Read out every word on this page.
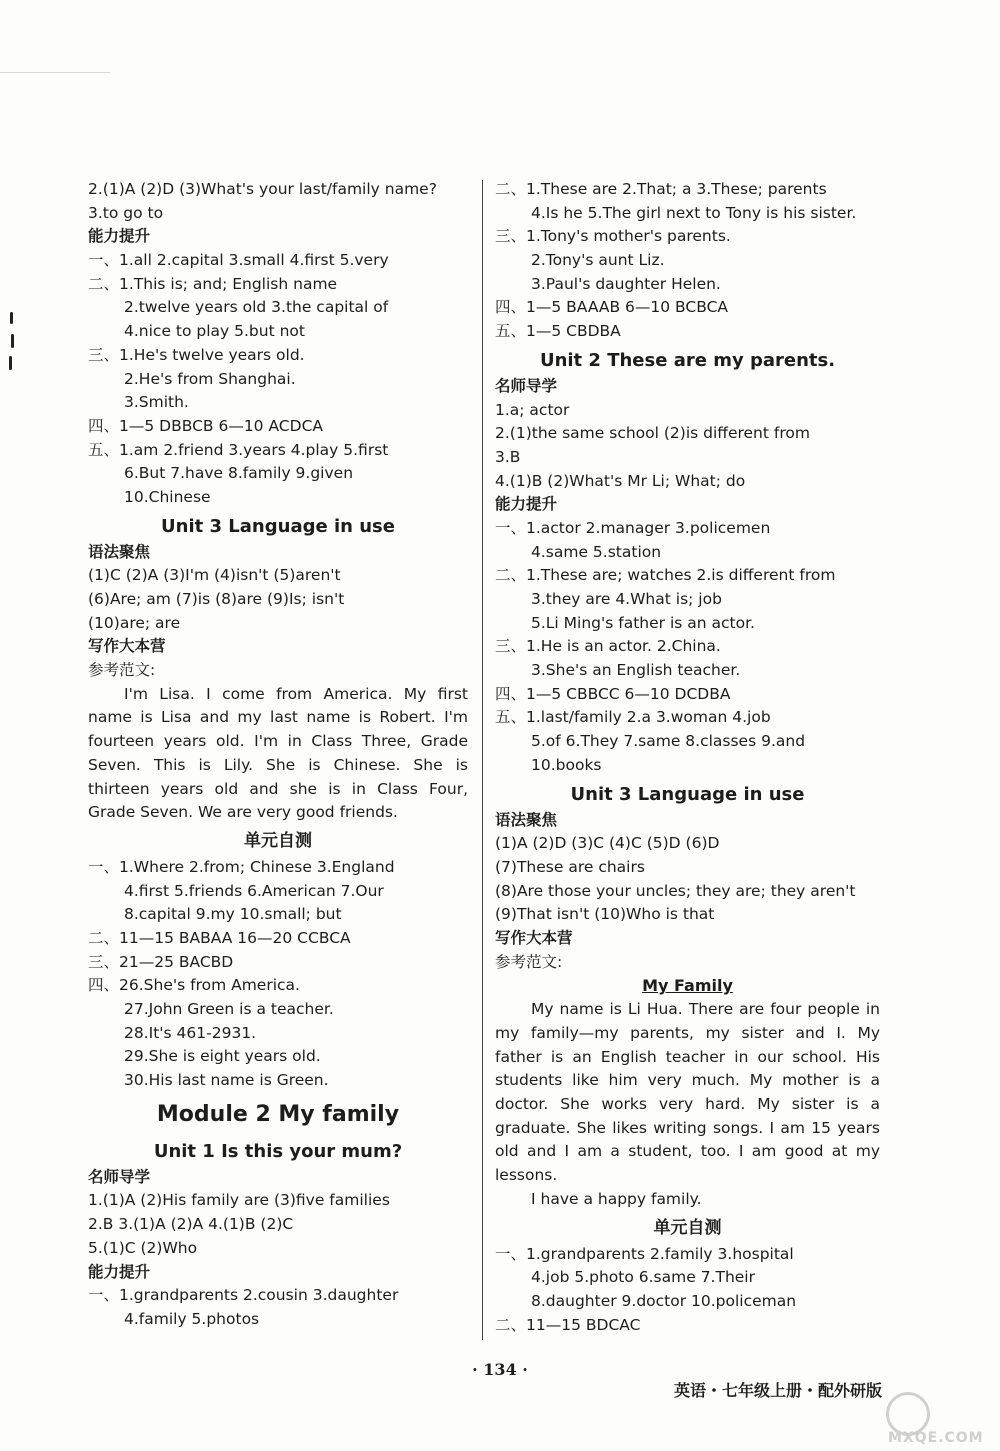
2.(1)A (2)D (3)What's your last/family name?
3.to go to
能力提升
一、1.all 2.capital 3.small 4.first 5.very
二、1.This is; and; English name
2.twelve years old 3.the capital of
4.nice to play 5.but not
三、1.He's twelve years old.
2.He's from Shanghai.
3.Smith.
四、1—5 DBBCB 6—10 ACDCA
五、1.am 2.friend 3.years 4.play 5.first
6.But 7.have 8.family 9.given
10.Chinese
Unit 3 Language in use
语法聚焦
(1)C (2)A (3)I'm (4)isn't (5)aren't
(6)Are; am (7)is (8)are (9)Is; isn't
(10)are; are
写作大本营
参考范文:
I'm Lisa. I come from America. My first
name is Lisa and my last name is Robert. I'm
fourteen years old. I'm in Class Three, Grade
Seven. This is Lily. She is Chinese. She is
thirteen years old and she is in Class Four,
Grade Seven. We are very good friends.
单元自测
一、1.Where 2.from; Chinese 3.England
4.first 5.friends 6.American 7.Our
8.capital 9.my 10.small; but
二、11—15 BABAA 16—20 CCBCA
三、21—25 BACBD
四、26.She's from America.
27.John Green is a teacher.
28.It's 461-2931.
29.She is eight years old.
30.His last name is Green.
Module 2 My family
Unit 1 Is this your mum?
名师导学
1.(1)A (2)His family are (3)five families
2.B 3.(1)A (2)A 4.(1)B (2)C
5.(1)C (2)Who
能力提升
一、1.grandparents 2.cousin 3.daughter
4.family 5.photos
二、1.These are 2.That; a 3.These; parents
4.Is he 5.The girl next to Tony is his sister.
三、1.Tony's mother's parents.
2.Tony's aunt Liz.
3.Paul's daughter Helen.
四、1—5 BAAAB 6—10 BCBCA
五、1—5 CBDBA
Unit 2 These are my parents.
名师导学
1.a; actor
2.(1)the same school (2)is different from
3.B
4.(1)B (2)What's Mr Li; What; do
能力提升
一、1.actor 2.manager 3.policemen
4.same 5.station
二、1.These are; watches 2.is different from
3.they are 4.What is; job
5.Li Ming's father is an actor.
三、1.He is an actor. 2.China.
3.She's an English teacher.
四、1—5 CBBCC 6—10 DCDBA
五、1.last/family 2.a 3.woman 4.job
5.of 6.They 7.same 8.classes 9.and
10.books
Unit 3 Language in use
语法聚焦
(1)A (2)D (3)C (4)C (5)D (6)D
(7)These are chairs
(8)Are those your uncles; they are; they aren't
(9)That isn't (10)Who is that
写作大本营
参考范文:
My Family
My name is Li Hua. There are four people in
my family—my parents, my sister and I. My
father is an English teacher in our school. His
students like him very much. My mother is a
doctor. She works very hard. My sister is a
graduate. She likes writing songs. I am 15 years
old and I am a student, too. I am good at my
lessons.
I have a happy family.
单元自测
一、1.grandparents 2.family 3.hospital
4.job 5.photo 6.same 7.Their
8.daughter 9.doctor 10.policeman
二、11—15 BDCAC
· 134 ·
英语・七年级上册・配外研版
MXQE.COM
